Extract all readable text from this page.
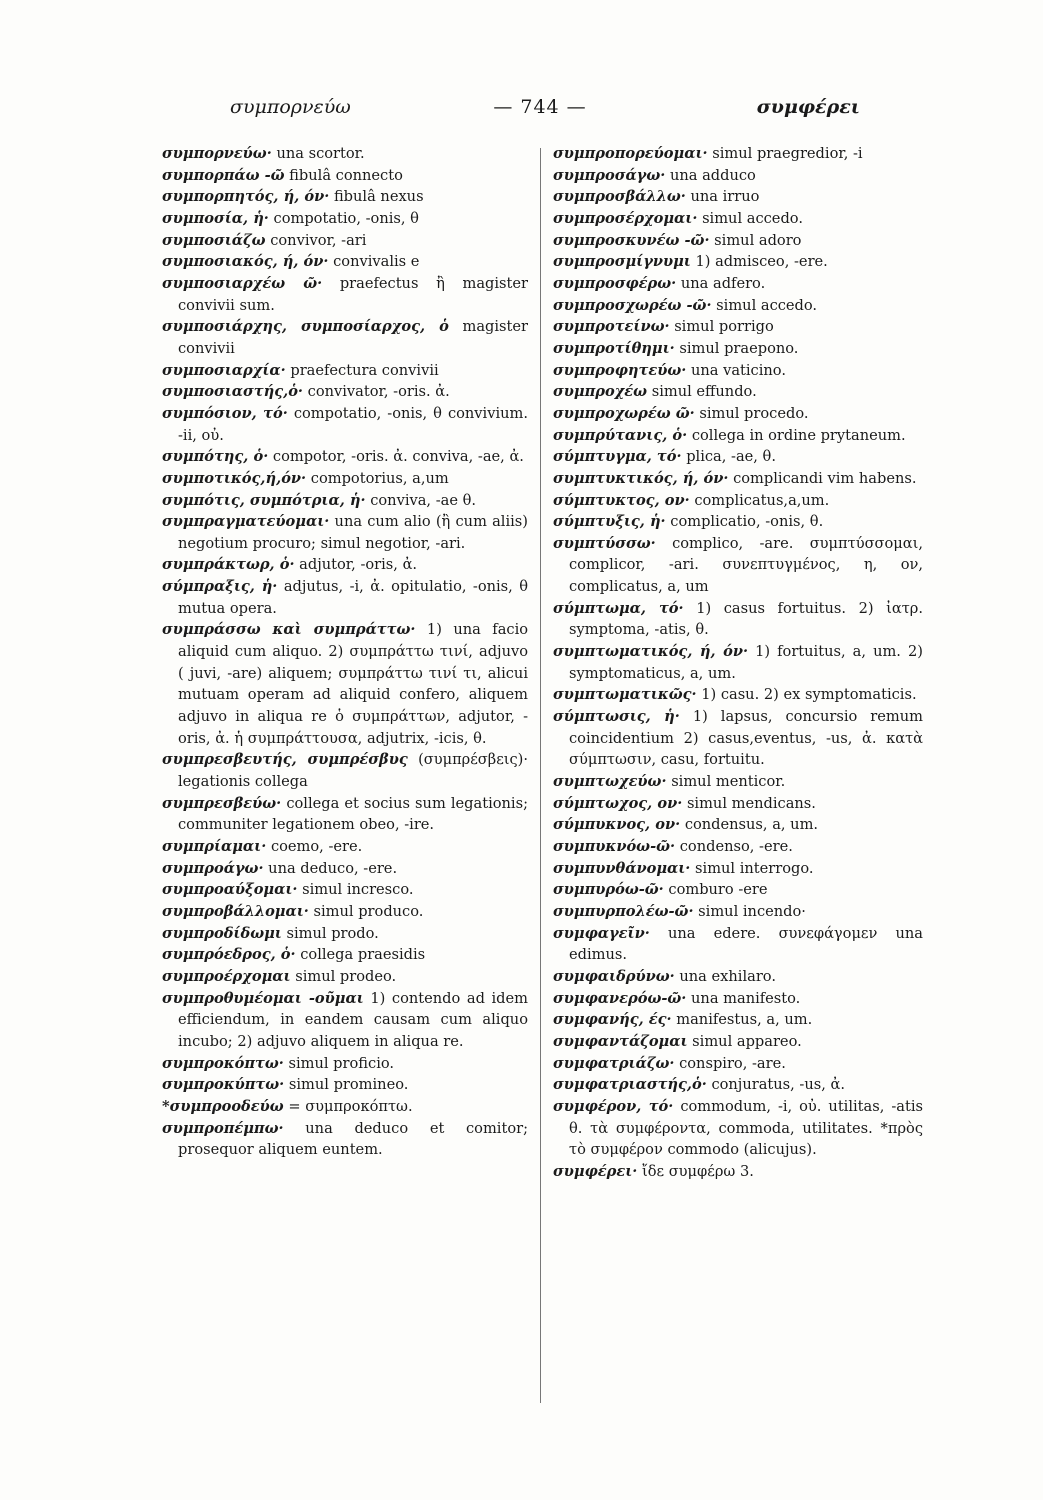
συμπορνεύω	— 744 —	συμφέρει

συμπορνεύω· una scortor.

συμπορπάω -ῶ fibulâ connecto

συμπορπητός, ή, όν· fibulâ nexus

συμποσία, ἡ· compotatio, -onis, θ

συμποσιάζω convivor, -ari

συμποσιακός, ή, όν· convivalis e

συμποσιαρχέω ῶ· praefectus ἢ magister convivii sum.

συμποσιάρχης, συμποσίαρχος, ὁ magister convivii

συμποσιαρχία· praefectura convivii

συμποσιαστής,ὁ· convivator, -oris. ἀ.

συμπόσιον, τό· compotatio, -onis, θ convivium. -ii, οὐ.

συμπότης, ὁ· compotor, -oris. ἀ. conviva, -ae, ἀ.

συμποτικός,ή,όν· compotorius, a,um

συμπότις, συμπότρια, ἡ· conviva, -ae θ.

συμπραγματεύομαι· una cum alio (ἢ cum aliis) negotium procuro; simul negotior, -ari.

συμπράκτωρ, ὁ· adjutor, -oris, ἀ.

σύμπραξις, ἡ· adjutus, -i, ἀ. opitulatio, -onis, θ mutua opera.

συμπράσσω καὶ συμπράττω· 1) una facio aliquid cum aliquo. 2) συμπράττω τινί, adjuvo ( juvi, -are) aliquem; συμπράττω τινί τι, alicui mutuam operam ad aliquid confero, aliquem adjuvo in aliqua re ὁ συμπράττων, adjutor, -oris, ἀ. ἡ συμπράττουσα, adjutrix, -icis, θ.

συμπρεσβευτής, συμπρέσβυς (συμπρέσβεις)· legationis collega

συμπρεσβεύω· collega et socius sum legationis; communiter legationem obeo, -ire.

συμπρίαμαι· coemo, -ere.

συμπροάγω· una deduco, -ere.

συμπροαύξομαι· simul incresco.

συμπροβάλλομαι· simul produco.

συμπροδίδωμι simul prodo.

συμπρόεδρος, ὁ· collega praesidis

συμπροέρχομαι simul prodeo.

συμπροθυμέομαι -οῦμαι 1) contendo ad idem efficiendum, in eandem causam cum aliquo incubo; 2) adjuvo aliquem in aliqua re.

συμπροκόπτω· simul proficio.

συμπροκύπτω· simul promineo.

*συμπροοδεύω = συμπροκόπτω.

συμπροπέμπω· una deduco et comitor; prosequor aliquem euntem.

συμπροπορεύομαι· simul praegredior, -i

συμπροσάγω· una adduco

συμπροσβάλλω· una irruo

συμπροσέρχομαι· simul accedo.

συμπροσκυνέω -ῶ· simul adoro

συμπροσμίγνυμι 1) admisceo, -ere.

συμπροσφέρω· una adfero.

συμπροσχωρέω -ῶ· simul accedo.

συμπροτείνω· simul porrigo

συμπροτίθημι· simul praepono.

συμπροφητεύω· una vaticino.

συμπροχέω simul effundo.

συμπροχωρέω ῶ· simul procedo.

συμπρύτανις, ὁ· collega in ordine prytaneum.

σύμπτυγμα, τό· plica, -ae, θ.

συμπτυκτικός, ή, όν· complicandi vim habens.

σύμπτυκτος, ον· complicatus,a,um.

σύμπτυξις, ἡ· complicatio, -onis, θ.

συμπτύσσω· complico, -are. συμπτύσσομαι, complicor, -ari. συνεπτυγμένος, η, ον, complicatus, a, um

σύμπτωμα, τό· 1) casus fortuitus. 2) ἰατρ. symptoma, -atis, θ.

συμπτωματικός, ή, όν· 1) fortuitus, a, um. 2) symptomaticus, a, um.

συμπτωματικῶς· 1) casu. 2) ex symptomaticis.

σύμπτωσις, ἡ· 1) lapsus, concursio remum coincidentium 2) casus,eventus, -us, ἀ. κατὰ σύμπτωσιν, casu, fortuitu.

συμπτωχεύω· simul menticor.

σύμπτωχος, ον· simul mendicans.

σύμπυκνος, ον· condensus, a, um.

συμπυκνόω-ῶ· condenso, -ere.

συμπυνθάνομαι· simul interrogo.

συμπυρόω-ῶ· comburo -ere

συμπυρπολέω-ῶ· simul incendo·

συμφαγεῖν· una edere. συνεφάγομεν una edimus.

συμφαιδρύνω· una exhilaro.

συμφανερόω-ῶ· una manifesto.

συμφανής, ές· manifestus, a, um.

συμφαντάζομαι simul appareo.

συμφατριάζω· conspiro, -are.

συμφατριαστής,ὁ· conjuratus, -us, ἀ.

συμφέρον, τό· commodum, -i, οὐ. utilitas, -atis θ. τὰ συμφέροντα, commoda, utilitates. *πρὸς τὸ συμφέρον commodo (alicujus).

συμφέρει· ἴδε συμφέρω 3.
